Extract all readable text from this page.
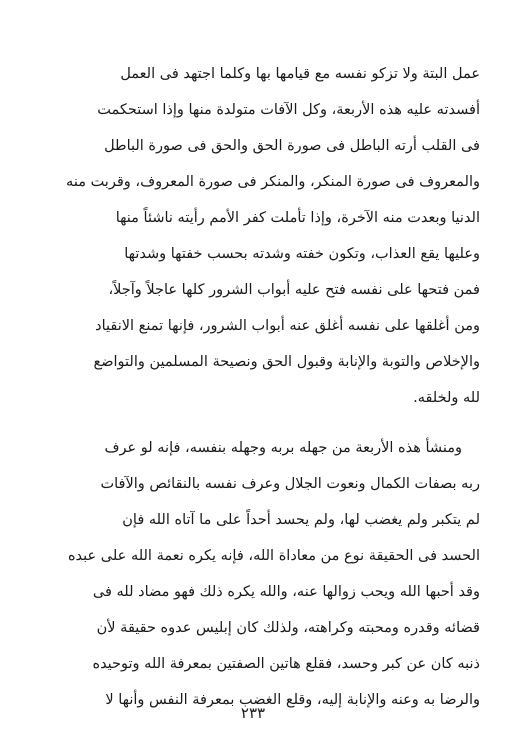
عمل البتة ولا تزكو نفسه مع قيامها بها وكلما اجتهد فى العمل
أفسدته عليه هذه الأربعة، وكل الآفات متولدة منها وإذا استحكمت
فى القلب أرته الباطل فى صورة الحق والحق فى صورة الباطل
والمعروف فى صورة المنكر، والمنكر فى صورة المعروف، وقربت منه
الدنيا وبعدت منه الآخرة، وإذا تأملت كفر الأمم رأيته ناشئاً منها
وعليها يقع العذاب، وتكون خفته وشدته بحسب خفتها وشدتها
فمن فتحها على نفسه فتح عليه أبواب الشرور كلها عاجلاً وآجلاً،
ومن أغلقها على نفسه أغلق عنه أبواب الشرور، فإنها تمنع الانقياد
والإخلاص والتوبة والإنابة وقبول الحق ونصيحة المسلمين والتواضع
لله ولخلقه.
ومنشأ هذه الأربعة من جهله بربه وجهله بنفسه، فإنه لو عرف
ربه بصفات الكمال ونعوت الجلال وعرف نفسه بالنقائص والآفات
لم يتكبر ولم يغضب لها، ولم يحسد أحداً على ما آتاه الله فإن
الحسد فى الحقيقة نوع من معاداة الله، فإنه يكره نعمة الله على عبده
وقد أحبها الله ويحب زوالها عنه، والله يكره ذلك فهو مضاد لله فى
قضائه وقدره ومحبته وكراهته، ولذلك كان إبليس عدوه حقيقة لأن
ذنبه كان عن كبر وحسد، فقلع هاتين الصفتين بمعرفة الله وتوحيده
والرضا به وعنه والإنابة إليه، وقلع الغضب بمعرفة النفس وأنها لا
٢٣٣
